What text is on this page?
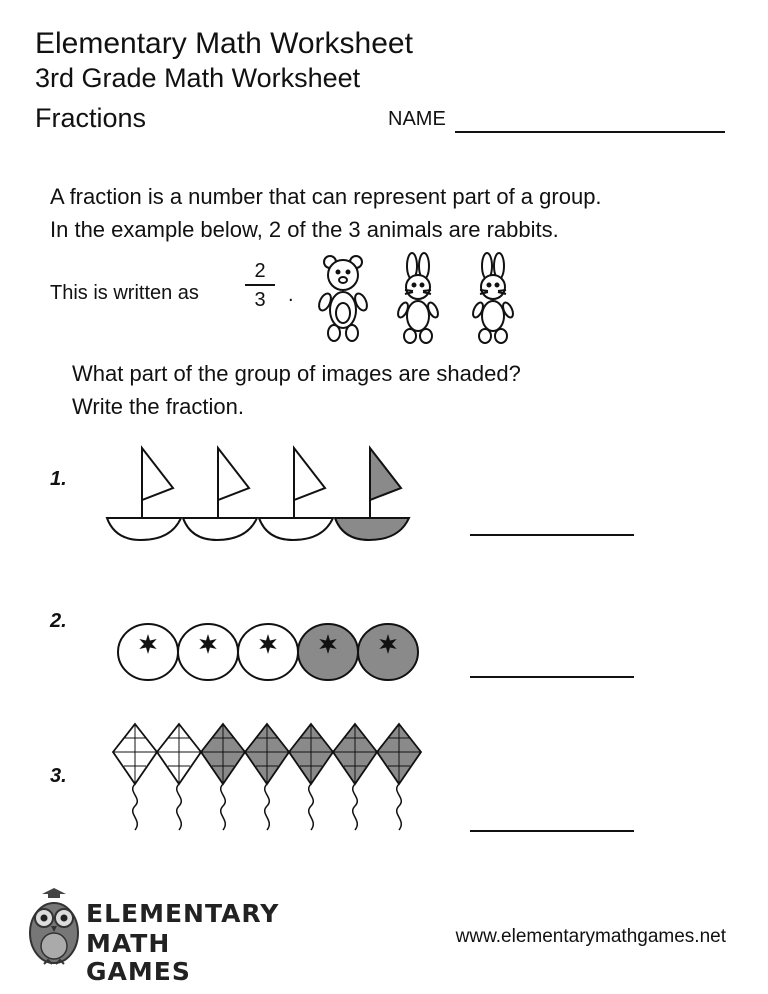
Elementary Math Worksheet
3rd Grade Math Worksheet
Fractions	NAME
A fraction is a number that can represent part of a group.
In the example below, 2 of the 3 animals are rabbits.
This is written as
2
3	.
What part of the group of images are shaded?
Write the fraction.
1.
2.
3.
ELEMENTARY
MATH GAMES
www.elementarymathgames.net
